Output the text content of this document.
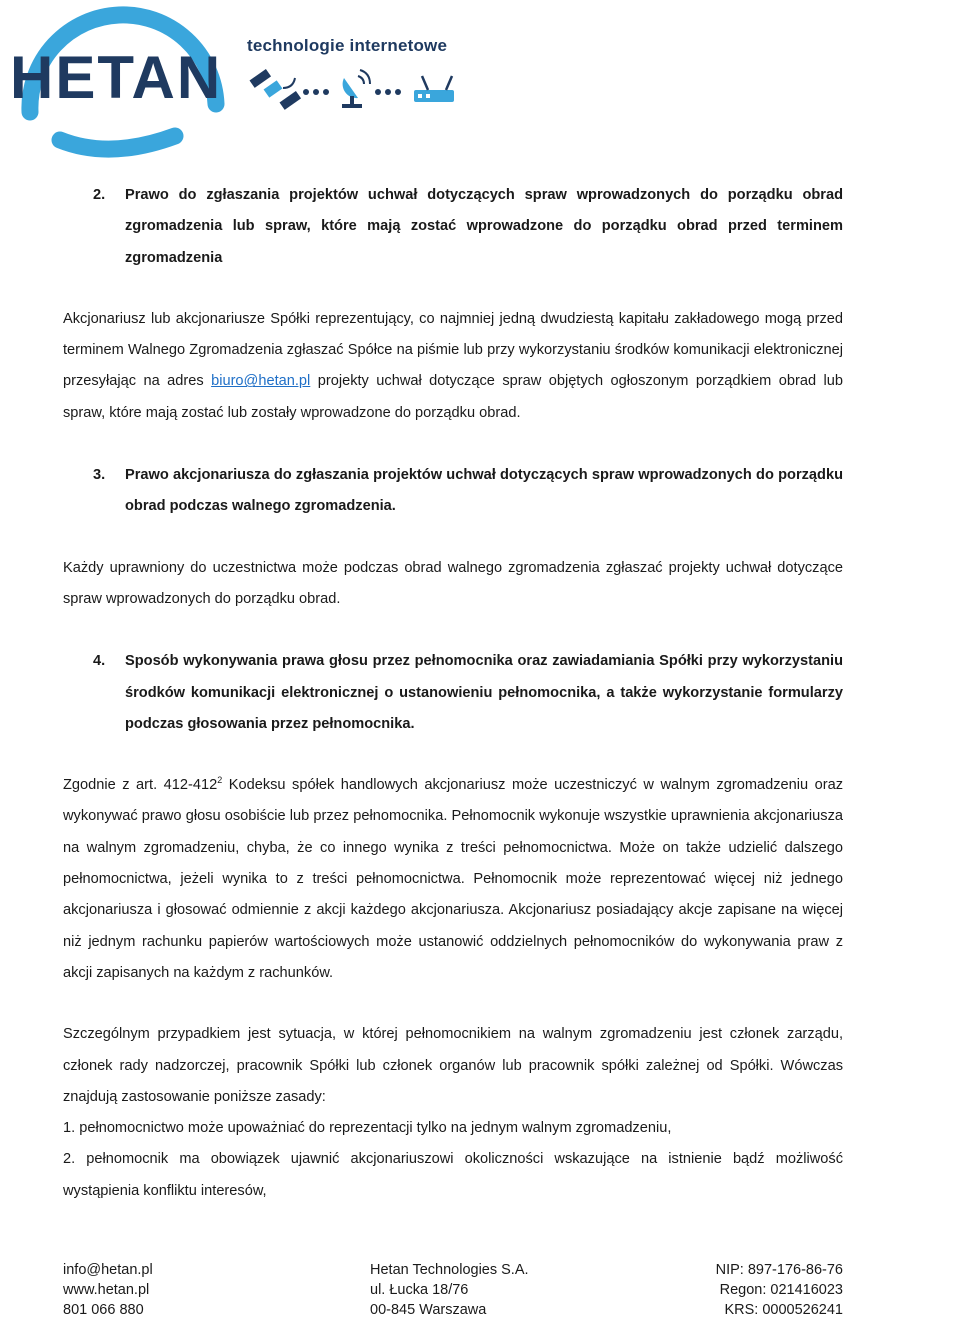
HETAN technologie internetowe

2. Prawo do zgłaszania projektów uchwał dotyczących spraw wprowadzonych do porządku obrad zgromadzenia lub spraw, które mają zostać wprowadzone do porządku obrad przed terminem zgromadzenia

Akcjonariusz lub akcjonariusze Spółki reprezentujący, co najmniej jedną dwudziestą kapitału zakładowego mogą przed terminem Walnego Zgromadzenia zgłaszać Spółce na piśmie lub przy wykorzystaniu środków komunikacji elektronicznej przesyłając na adres biuro@hetan.pl projekty uchwał dotyczące spraw objętych ogłoszonym porządkiem obrad lub spraw, które mają zostać lub zostały wprowadzone do porządku obrad.

3. Prawo akcjonariusza do zgłaszania projektów uchwał dotyczących spraw wprowadzonych do porządku obrad podczas walnego zgromadzenia.

Każdy uprawniony do uczestnictwa może podczas obrad walnego zgromadzenia zgłaszać projekty uchwał dotyczące spraw wprowadzonych do porządku obrad.

4. Sposób wykonywania prawa głosu przez pełnomocnika oraz zawiadamiania Spółki przy wykorzystaniu środków komunikacji elektronicznej o ustanowieniu pełnomocnika, a także wykorzystanie formularzy podczas głosowania przez pełnomocnika.

Zgodnie z art. $412-412^2$ Kodeksu spółek handlowych akcjonariusz może uczestniczyć w walnym zgromadzeniu oraz wykonywać prawo głosu osobiście lub przez pełnomocnika. Pełnomocnik wykonuje wszystkie uprawnienia akcjonariusza na walnym zgromadzeniu, chyba, że co innego wynika z treści pełnomocnictwa. Może on także udzielić dalszego pełnomocnictwa, jeżeli wynika to z treści pełnomocnictwa. Pełnomocnik może reprezentować więcej niż jednego akcjonariusza i głosować odmiennie z akcji każdego akcjonariusza. Akcjonariusz posiadający akcje zapisane na więcej niż jednym rachunku papierów wartościowych może ustanowić oddzielnych pełnomocników do wykonywania praw z akcji zapisanych na każdym z rachunków.

Szczególnym przypadkiem jest sytuacja, w której pełnomocnikiem na walnym zgromadzeniu jest członek zarządu, członek rady nadzorczej, pracownik Spółki lub członek organów lub pracownik spółki zależnej od Spółki. Wówczas znajdują zastosowanie poniższe zasady:

1. pełnomocnictwo może upoważniać do reprezentacji tylko na jednym walnym zgromadzeniu,

2. pełnomocnik ma obowiązek ujawnić akcjonariuszowi okoliczności wskazujące na istnienie bądź możliwość wystąpienia konfliktu interesów,

info@hetan.pl
www.hetan.pl
801 066 880
Hetan Technologies S.A.
ul. Łucka 18/76
00-845 Warszawa
NIP: 897-176-86-76
Regon: 021416023
KRS: 0000526241
